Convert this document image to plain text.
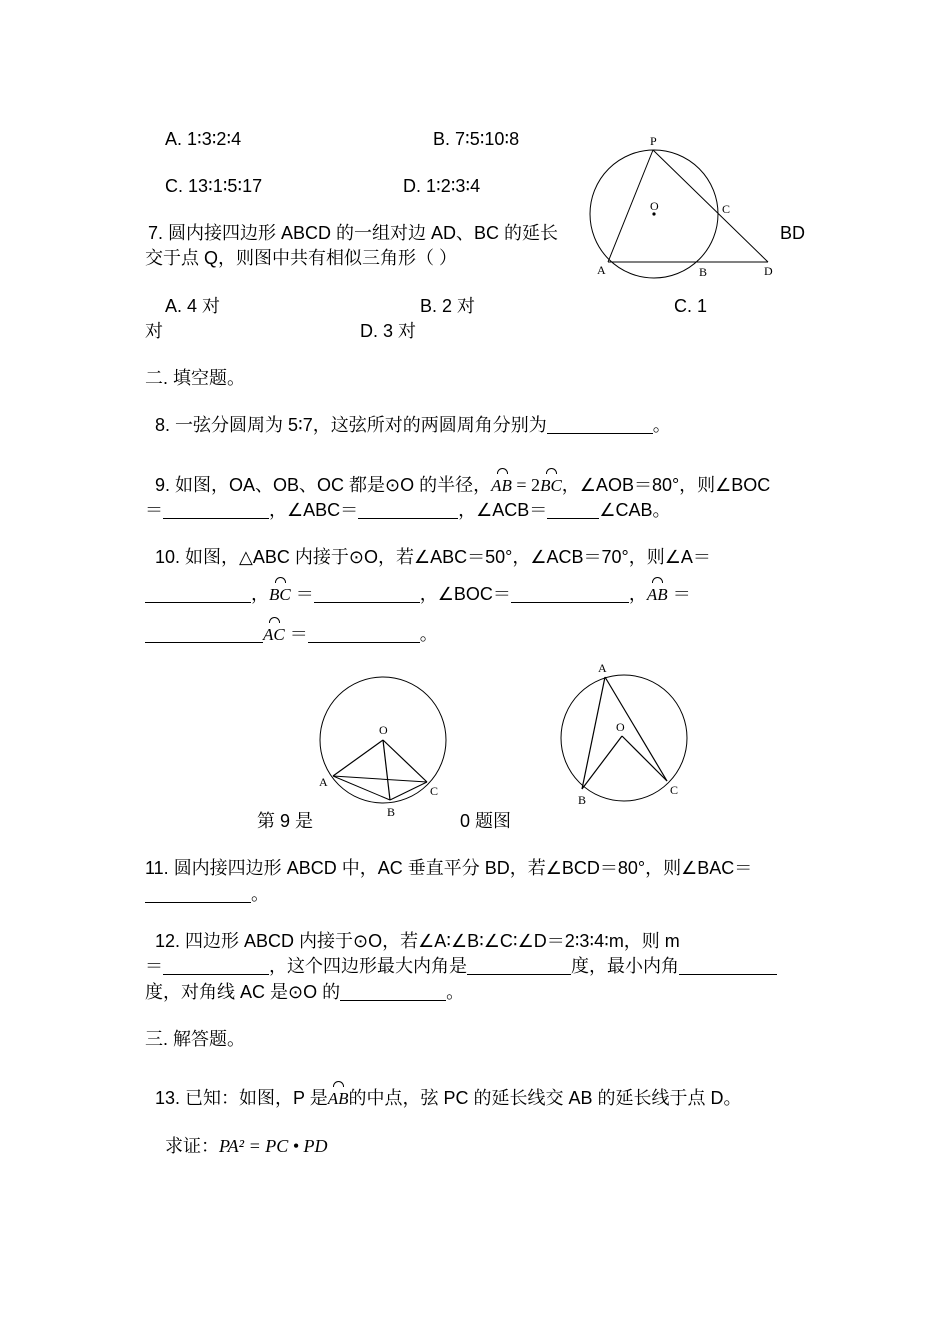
A. 1∶3∶2∶4	B. 7∶5∶10∶8
C. 13∶1∶5∶17	D. 1∶2∶3∶4
7. 圆内接四边形 ABCD 的一组对边 AD、BC 的延长	BD
交于点 Q，则图中共有相似三角形（ ）
A. 4 对	B. 2 对	C. 1
对	D. 3 对
P
O	C
A	B	D
二. 填空题。
8. 一弦分圆周为 5∶7，这弦所对的两圆周角分别为	。
9. 如图，OA、OB、OC 都是⊙O 的半径，AB = 2BC，∠AOB＝80°，则∠BOC
＝	，∠ABC＝	，∠ACB＝	∠CAB。
10. 如图，△ABC 内接于⊙O，若∠ABC＝50°，∠ACB＝70°，则∠A＝
，BC ＝	，∠BOC＝	，AB ＝
AC ＝	。
O
A
B
C
A
O
B
C
第 9 是	0 题图
11. 圆内接四边形 ABCD 中，AC 垂直平分 BD，若∠BCD＝80°，则∠BAC＝
。
12. 四边形 ABCD 内接于⊙O，若∠A∶∠B∶∠C∶∠D＝2∶3∶4∶m，则 m
＝	，这个四边形最大内角是	度，最小内角
度，对角线 AC 是⊙O 的	。
三. 解答题。
13. 已知：如图，P 是AB的中点，弦 PC 的延长线交 AB 的延长线于点 D。
求证：PA² = PC • PD
